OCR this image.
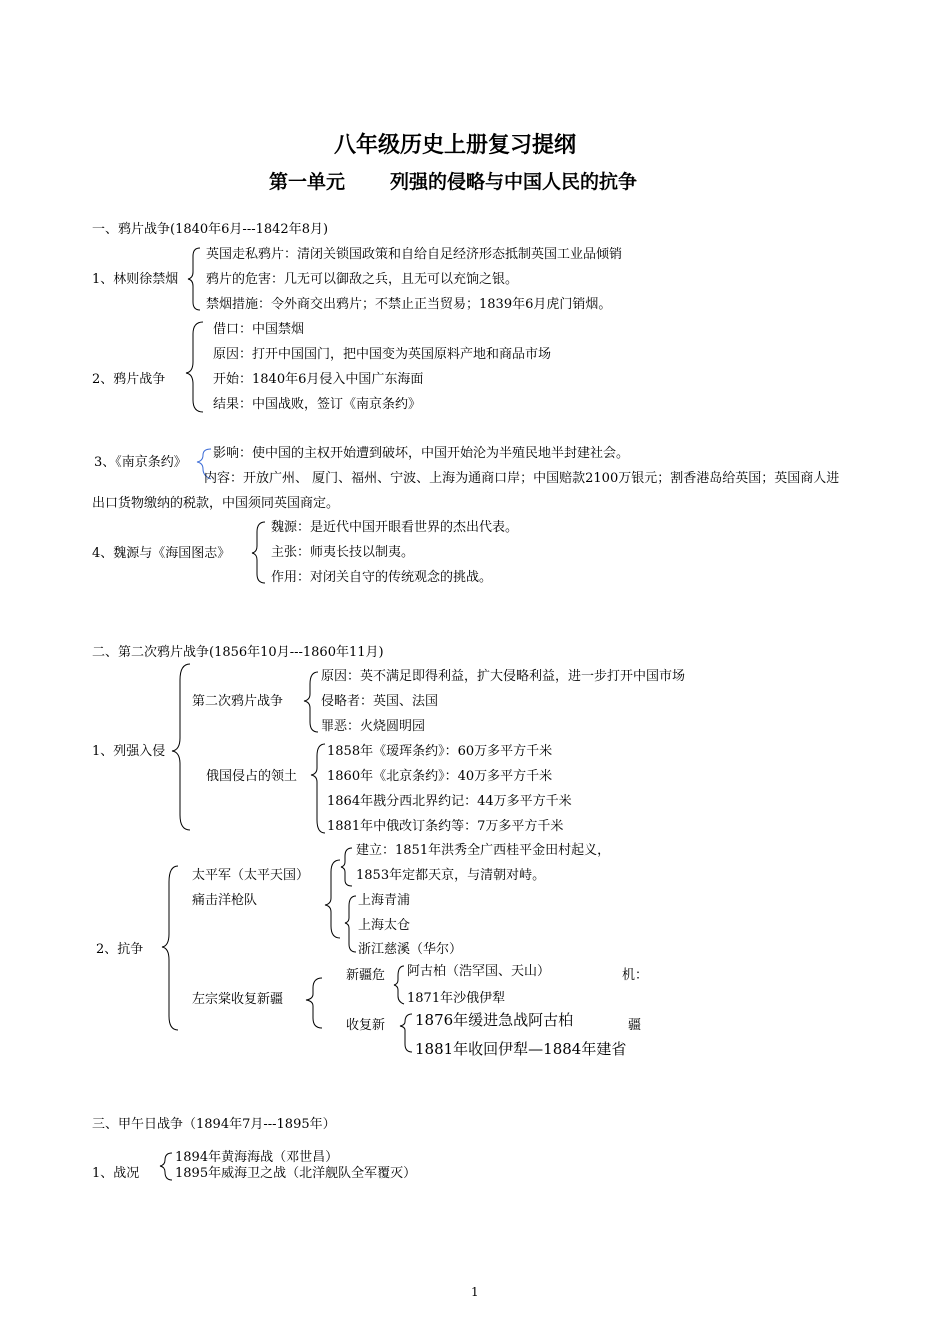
八年级历史上册复习提纲
第一单元 列强的侵略与中国人民的抗争
一、鸦片战争(1840年6月---1842年8月)
1、林则徐禁烟
英国走私鸦片：清闭关锁国政策和自给自足经济形态抵制英国工业品倾销
鸦片的危害：几无可以御敌之兵，且无可以充饷之银。
禁烟措施：令外商交出鸦片；不禁止正当贸易；1839年6月虎门销烟。
2、鸦片战争
借口：中国禁烟
原因：打开中国国门，把中国变为英国原料产地和商品市场
开始：1840年6月侵入中国广东海面
结果：中国战败，签订《南京条约》
3、《南京条约》
影响：使中国的主权开始遭到破坏，中国开始沦为半殖民地半封建社会。
内容：开放广州、 厦门、福州、宁波、上海为通商口岸；中国赔款2100万银元；割香港岛给英国；英国商人进
出口货物缴纳的税款，中国须同英国商定。
4、魏源与《海国图志》
魏源：是近代中国开眼看世界的杰出代表。
主张：师夷长技以制夷。
作用：对闭关自守的传统观念的挑战。
二、第二次鸦片战争(1856年10月---1860年11月)
1、列强入侵
第二次鸦片战争
原因：英不满足即得利益，扩大侵略利益，进一步打开中国市场
侵略者：英国、法国
罪恶：火烧圆明园
俄国侵占的领土
1858年《瑷珲条约》：60万多平方千米
1860年《北京条约》：40万多平方千米
1864年戡分西北界约记：44万多平方千米
1881年中俄改订条约等：7万多平方千米
2、抗争
太平军（太平天国）
痛击洋枪队
建立：1851年洪秀全广西桂平金田村起义，
1853年定都天京，与清朝对峙。
上海青浦
上海太仓
浙江慈溪（华尔）
左宗棠收复新疆
新疆危 阿古柏（浩罕国、天山）
1871年沙俄伊犁
机：
收复新 1876年缓进急战阿古柏
1881年收回伊犁—1884年建省
疆
三、甲午日战争（1894年7月---1895年）
1、战况
1894年黄海海战（邓世昌）
1895年威海卫之战（北洋舰队全军覆灭）
1
